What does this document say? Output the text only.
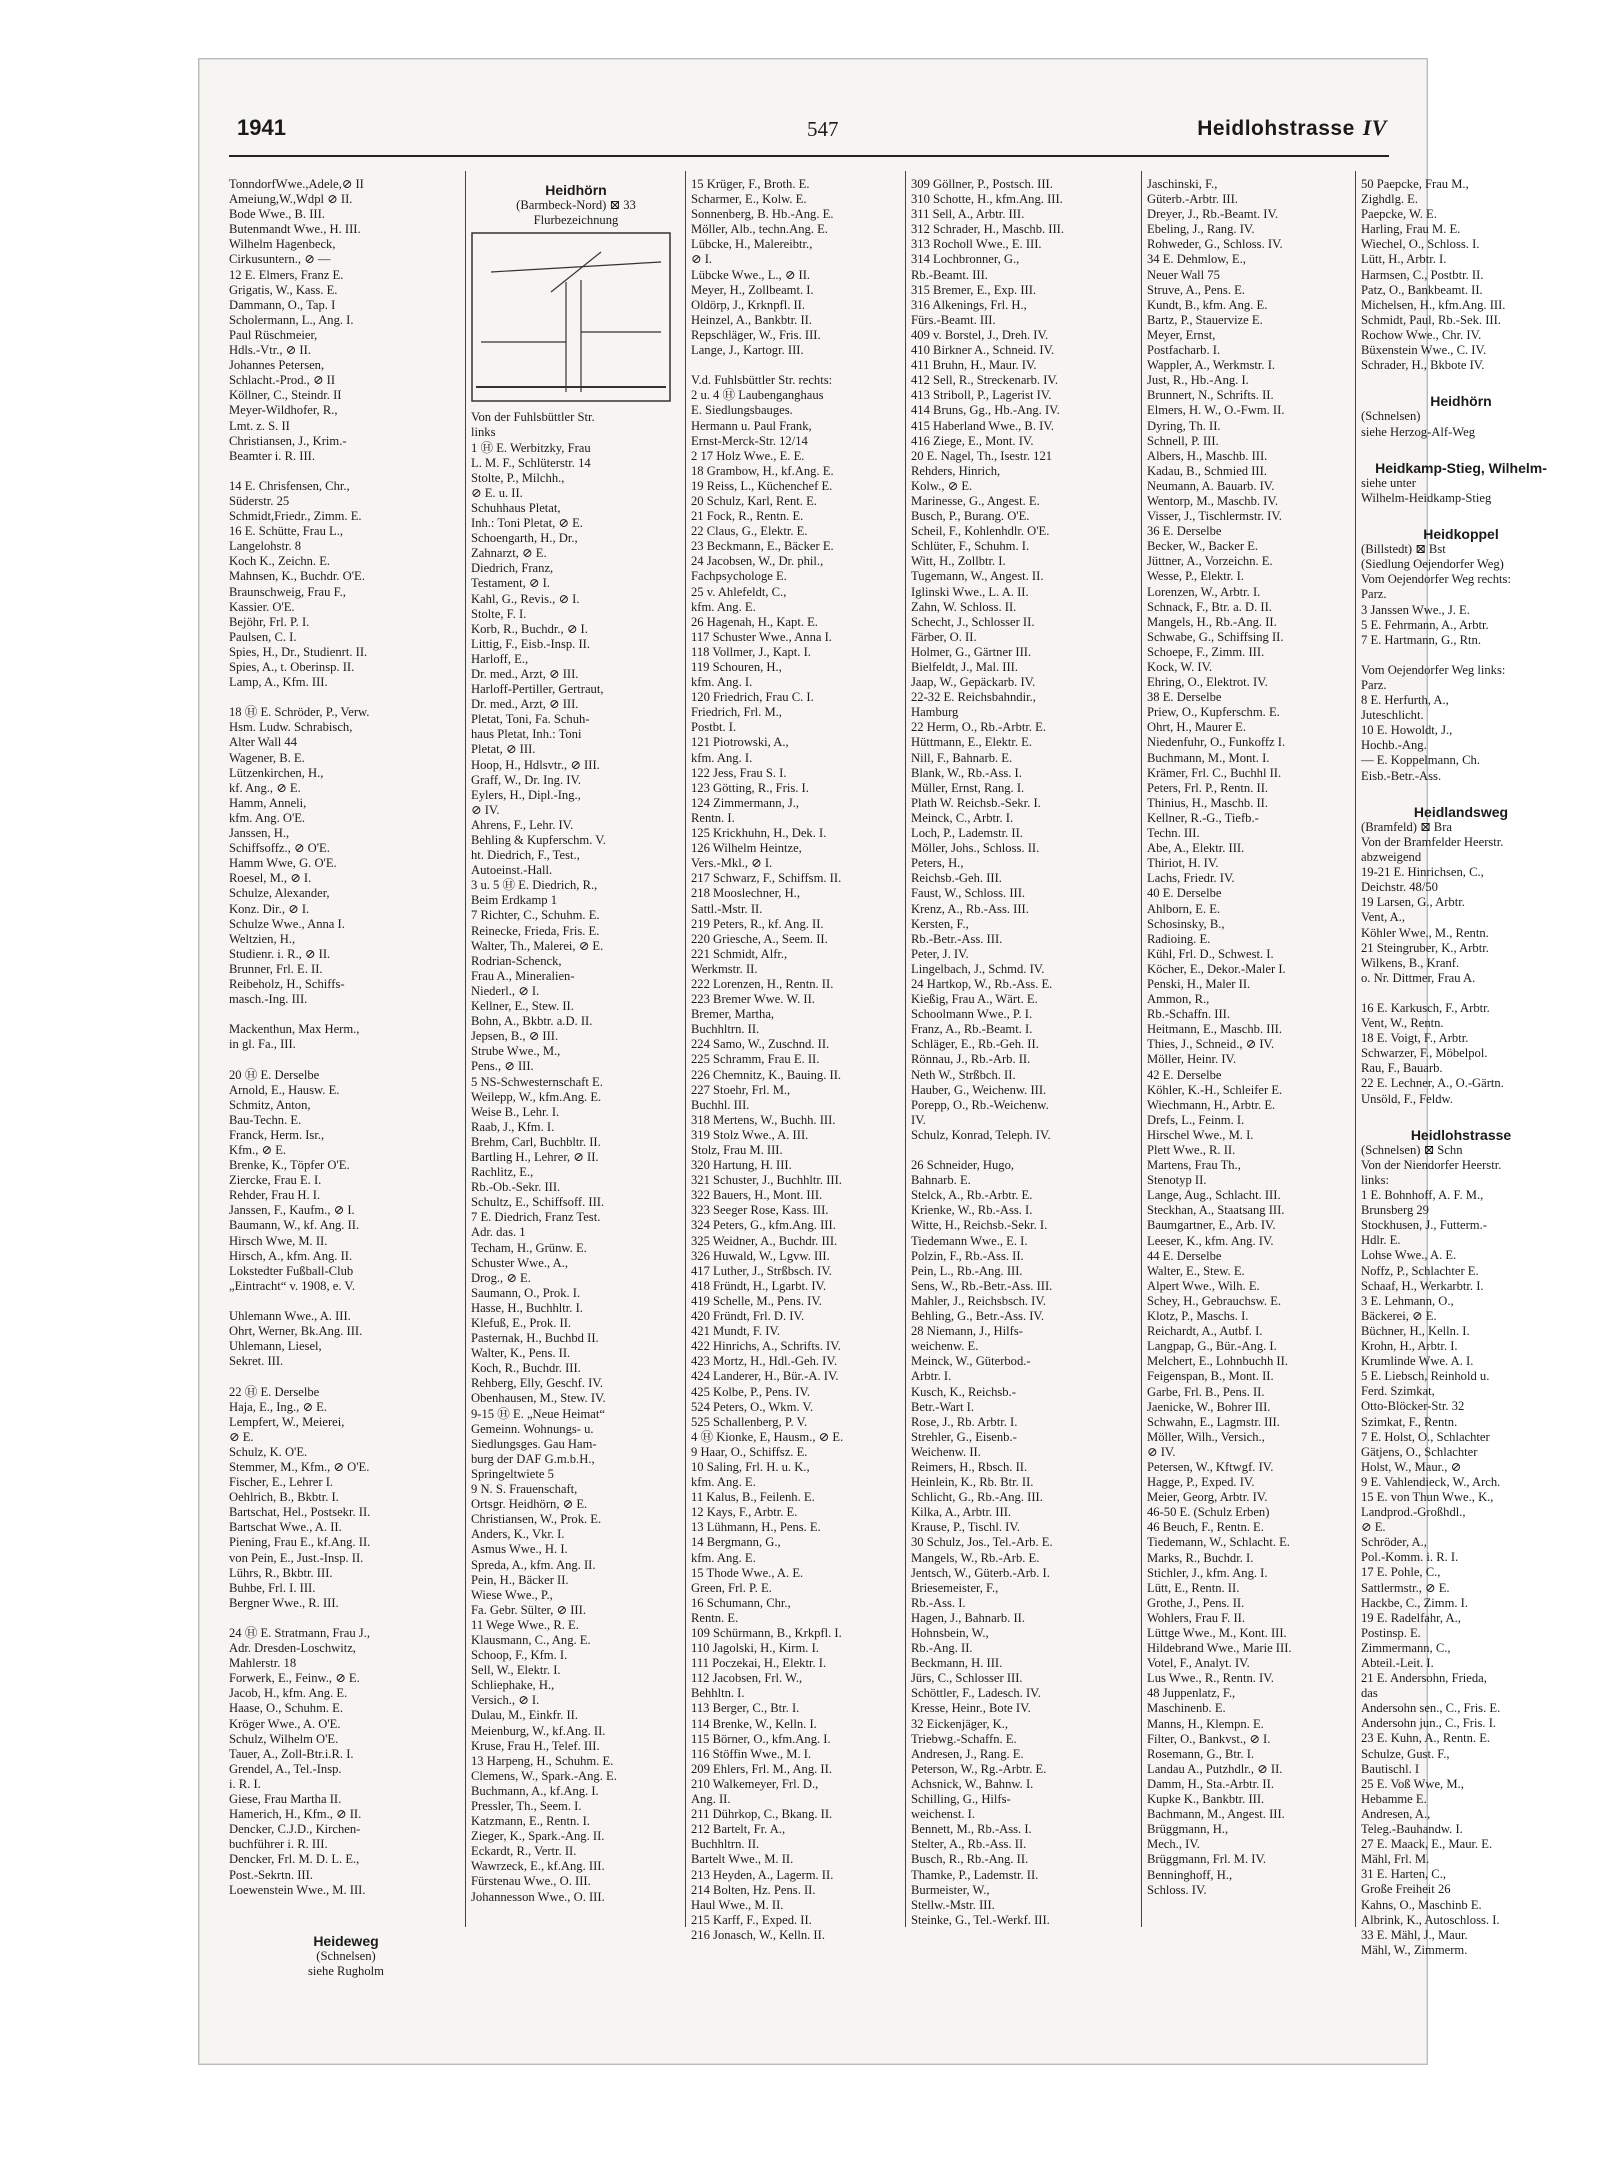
1941	547	Heidlohstrasse IV
TonndorfWwe.,Adele,⊘ II
Ameiung,W.,Wdpl ⊘ II.
Bode Wwe., B. III.
Butenmandt Wwe., H. III.
Wilhelm Hagenbeck,
Cirkusuntern., ⊘ —
12 E. Elmers, Franz E.
Grigatis, W., Kass. E.
Dammann, O., Tap. I
Scholermann, L., Ang. I.
Paul Rüschmeier,
Hdls.-Vtr., ⊘ II.
Johannes Petersen,
Schlacht.-Prod., ⊘ II
Köllner, C., Steindr. II
Meyer-Wildhofer, R.,
Lmt. z. S. II
Christiansen, J., Krim.-
Beamter i. R. III.

14 E. Chrisfensen, Chr.,
Süderstr. 25
Schmidt,Friedr., Zimm. E.
16 E. Schütte, Frau L.,
Langelohstr. 8
Koch K., Zeichn. E.
Mahnsen, K., Buchdr. O'E.
Braunschweig, Frau F.,
Kassier. O'E.
Bejöhr, Frl. P. I.
Paulsen, C. I.
Spies, H., Dr., Studienrt. II.
Spies, A., t. Oberinsp. II.
Lamp, A., Kfm. III.

18 Ⓗ E. Schröder, P., Verw.
Hsm. Ludw. Schrabisch,
Alter Wall 44
Wagener, B. E.
Lützenkirchen, H.,
kf. Ang., ⊘ E.
Hamm, Anneli,
kfm. Ang. O'E.
Janssen, H.,
Schiffsoffz., ⊘ O'E.
Hamm Wwe, G. O'E.
Roesel, M., ⊘ I.
Schulze, Alexander,
Konz. Dir., ⊘ I.
Schulze Wwe., Anna I.
Weltzien, H.,
Studienr. i. R., ⊘ II.
Brunner, Frl. E. II.
Reibeholz, H., Schiffs-
masch.-Ing. III.

Mackenthun, Max Herm.,
in gl. Fa., III.

20 Ⓗ E. Derselbe
Arnold, E., Hausw. E.
Schmitz, Anton,
Bau-Techn. E.
Franck, Herm. Isr.,
Kfm., ⊘ E.
Brenke, K., Töpfer O'E.
Ziercke, Frau E. I.
Rehder, Frau H. I.
Janssen, F., Kaufm., ⊘ I.
Baumann, W., kf. Ang. II.
Hirsch Wwe, M. II.
Hirsch, A., kfm. Ang. II.
Lokstedter Fußball-Club
„Eintracht“ v. 1908, e. V.

Uhlemann Wwe., A. III.
Ohrt, Werner, Bk.Ang. III.
Uhlemann, Liesel,
Sekret. III.

22 Ⓗ E. Derselbe
Haja, E., Ing., ⊘ E.
Lempfert, W., Meierei,
⊘ E.
Schulz, K. O'E.
Stemmer, M., Kfm., ⊘ O'E.
Fischer, E., Lehrer I.
Oehlrich, B., Bkbtr. I.
Bartschat, Hel., Postsekr. II.
Bartschat Wwe., A. II.
Piening, Frau E., kf.Ang. II.
von Pein, E., Just.-Insp. II.
Lührs, R., Bkbtr. III.
Buhbe, Frl. I. III.
Bergner Wwe., R. III.

24 Ⓗ E. Stratmann, Frau J.,
Adr. Dresden-Loschwitz,
Mahlerstr. 18
Forwerk, E., Feinw., ⊘ E.
Jacob, H., kfm. Ang. E.
Haase, O., Schuhm. E.
Kröger Wwe., A. O'E.
Schulz, Wilhelm O'E.
Tauer, A., Zoll-Btr.i.R. I.
Grendel, A., Tel.-Insp.
i. R. I.
Giese, Frau Martha II.
Hamerich, H., Kfm., ⊘ II.
Dencker, C.J.D., Kirchen-
buchführer i. R. III.
Dencker, Frl. M. D. L. E.,
Post.-Sekrtn. III.
Loewenstein Wwe., M. III.

Heideweg
(Schnelsen)
siehe Rugholm
Heidhörn
(Barmbeck-Nord) ⊠ 33
Flurbezeichnung
Von der Fuhlsbüttler Str.
links
1 Ⓗ E. Werbitzky, Frau
L. M. F., Schlüterstr. 14
Stolte, P., Milchh.,
⊘ E. u. II.
Schuhhaus Pletat,
Inh.: Toni Pletat, ⊘ E.
Schoengarth, H., Dr.,
Zahnarzt, ⊘ E.
Diedrich, Franz,
Testament, ⊘ I.
Kahl, G., Revis., ⊘ I.
Stolte, F. I.
Korb, R., Buchdr., ⊘ I.
Littig, F., Eisb.-Insp. II.
Harloff, E.,
Dr. med., Arzt, ⊘ III.
Harloff-Pertiller, Gertraut,
Dr. med., Arzt, ⊘ III.
Pletat, Toni, Fa. Schuh-
haus Pletat, Inh.: Toni
Pletat, ⊘ III.
Hoop, H., Hdlsvtr., ⊘ III.
Graff, W., Dr. Ing. IV.
Eylers, H., Dipl.-Ing.,
⊘ IV.
Ahrens, F., Lehr. IV.
Behling & Kupferschm. V.
ht. Diedrich, F., Test.,
Autoeinst.-Hall.
3 u. 5 Ⓗ E. Diedrich, R.,
Beim Erdkamp 1
7 Richter, C., Schuhm. E.
Reinecke, Frieda, Fris. E.
Walter, Th., Malerei, ⊘ E.
Rodrian-Schenck,
Frau A., Mineralien-
Niederl., ⊘ I.
Kellner, E., Stew. II.
Bohn, A., Bkbtr. a.D. II.
Jepsen, B., ⊘ III.
Strube Wwe., M.,
Pens., ⊘ III.
5 NS-Schwesternschaft E.
Weilepp, W., kfm.Ang. E.
Weise B., Lehr. I.
Raab, J., Kfm. I.
Brehm, Carl, Buchbltr. II.
Bartling H., Lehrer, ⊘ II.
Rachlitz, E.,
Rb.-Ob.-Sekr. III.
Schultz, E., Schiffsoff. III.
7 E. Diedrich, Franz Test.
Adr. das. 1
Techam, H., Grünw. E.
Schuster Wwe., A.,
Drog., ⊘ E.
Saumann, O., Prok. I.
Hasse, H., Buchhltr. I.
Klefuß, E., Prok. II.
Pasternak, H., Buchbd II.
Walter, K., Pens. II.
Koch, R., Buchdr. III.
Rehberg, Elly, Geschf. IV.
Obenhausen, M., Stew. IV.
9-15 Ⓗ E. „Neue Heimat“
Gemeinn. Wohnungs- u.
Siedlungsges. Gau Ham-
burg der DAF G.m.b.H.,
Springeltwiete 5
9 N. S. Frauenschaft,
Ortsgr. Heidhörn, ⊘ E.
Christiansen, W., Prok. E.
Anders, K., Vkr. I.
Asmus Wwe., H. I.
Spreda, A., kfm. Ang. II.
Pein, H., Bäcker II.
Wiese Wwe., P.,
Fa. Gebr. Sülter, ⊘ III.
11 Wege Wwe., R. E.
Klausmann, C., Ang. E.
Schoop, F., Kfm. I.
Sell, W., Elektr. I.
Schliephake, H.,
Versich., ⊘ I.
Dulau, M., Einkfr. II.
Meienburg, W., kf.Ang. II.
Kruse, Frau H., Telef. III.
13 Harpeng, H., Schuhm. E.
Clemens, W., Spark.-Ang. E.
Buchmann, A., kf.Ang. I.
Pressler, Th., Seem. I.
Katzmann, E., Rentn. I.
Zieger, K., Spark.-Ang. II.
Eckardt, R., Vertr. II.
Wawrzeck, E., kf.Ang. III.
Fürstenau Wwe., O. III.
Johannesson Wwe., O. III.
15 Krüger, F., Broth. E.
Scharmer, E., Kolw. E.
Sonnenberg, B. Hb.-Ang. E.
Möller, Alb., techn.Ang. E.
Lübcke, H., Malereibtr.,
⊘ I.
Lübcke Wwe., L., ⊘ II.
Meyer, H., Zollbeamt. I.
Oldörp, J., Krknpfl. II.
Heinzel, A., Bankbtr. II.
Repschläger, W., Fris. III.
Lange, J., Kartogr. III.

V.d. Fuhlsbüttler Str. rechts:
2 u. 4 Ⓗ Laubenganghaus
E. Siedlungsbauges.
Hermann u. Paul Frank,
Ernst-Merck-Str. 12/14
2 17 Holz Wwe., E. E.
18 Grambow, H., kf.Ang. E.
19 Reiss, L., Küchenchef E.
20 Schulz, Karl, Rent. E.
21 Fock, R., Rentn. E.
22 Claus, G., Elektr. E.
23 Beckmann, E., Bäcker E.
24 Jacobsen, W., Dr. phil.,
Fachpsychologe E.
25 v. Ahlefeldt, C.,
kfm. Ang. E.
26 Hagenah, H., Kapt. E.
117 Schuster Wwe., Anna I.
118 Vollmer, J., Kapt. I.
119 Schouren, H.,
kfm. Ang. I.
120 Friedrich, Frau C. I.
Friedrich, Frl. M.,
Postbt. I.
121 Piotrowski, A.,
kfm. Ang. I.
122 Jess, Frau S. I.
123 Götting, R., Fris. I.
124 Zimmermann, J.,
Rentn. I.
125 Krickhuhn, H., Dek. I.
126 Wilhelm Heintze,
Vers.-Mkl., ⊘ I.
217 Schwarz, F., Schiffsm. II.
218 Mooslechner, H.,
Sattl.-Mstr. II.
219 Peters, R., kf. Ang. II.
220 Griesche, A., Seem. II.
221 Schmidt, Alfr.,
Werkmstr. II.
222 Lorenzen, H., Rentn. II.
223 Bremer Wwe. W. II.
Bremer, Martha,
Buchhltrn. II.
224 Samo, W., Zuschnd. II.
225 Schramm, Frau E. II.
226 Chemnitz, K., Bauing. II.
227 Stoehr, Frl. M.,
Buchhl. III.
318 Mertens, W., Buchh. III.
319 Stolz Wwe., A. III.
Stolz, Frau M. III.
320 Hartung, H. III.
321 Schuster, J., Buchhltr. III.
322 Bauers, H., Mont. III.
323 Seeger Rose, Kass. III.
324 Peters, G., kfm.Ang. III.
325 Weidner, A., Buchdr. III.
326 Huwald, W., Lgvw. III.
417 Luther, J., Strßbsch. IV.
418 Fründt, H., Lgarbt. IV.
419 Schelle, M., Pens. IV.
420 Fründt, Frl. D. IV.
421 Mundt, F. IV.
422 Hinrichs, A., Schrifts. IV.
423 Mortz, H., Hdl.-Geh. IV.
424 Landerer, H., Bür.-A. IV.
425 Kolbe, P., Pens. IV.
524 Peters, O., Wkm. V.
525 Schallenberg, P. V.
4 Ⓗ Kionke, E, Hausm., ⊘ E.
9 Haar, O., Schiffsz. E.
10 Saling, Frl. H. u. K.,
kfm. Ang. E.
11 Kalus, B., Feilenh. E.
12 Kays, F., Arbtr. E.
13 Lühmann, H., Pens. E.
14 Bergmann, G.,
kfm. Ang. E.
15 Thode Wwe., A. E.
Green, Frl. P. E.
16 Schumann, Chr.,
Rentn. E.
109 Schürmann, B., Krkpfl. I.
110 Jagolski, H., Kirm. I.
111 Poczekai, H., Elektr. I.
112 Jacobsen, Frl. W.,
Behhltn. I.
113 Berger, C., Btr. I.
114 Brenke, W., Kelln. I.
115 Börner, O., kfm.Ang. I.
116 Stöffin Wwe., M. I.
209 Ehlers, Frl. M., Ang. II.
210 Walkemeyer, Frl. D.,
Ang. II.
211 Dührkop, C., Bkang. II.
212 Bartelt, Fr. A.,
Buchhltrn. II.
Bartelt Wwe., M. II.
213 Heyden, A., Lagerm. II.
214 Bolten, Hz. Pens. II.
Haul Wwe., M. II.
215 Karff, F., Exped. II.
216 Jonasch, W., Kelln. II.
309 Göllner, P., Postsch. III.
310 Schotte, H., kfm.Ang. III.
311 Sell, A., Arbtr. III.
312 Schrader, H., Maschb. III.
313 Rocholl Wwe., E. III.
314 Lochbronner, G.,
Rb.-Beamt. III.
315 Bremer, E., Exp. III.
316 Alkenings, Frl. H.,
Fürs.-Beamt. III.
409 v. Borstel, J., Dreh. IV.
410 Birkner A., Schneid. IV.
411 Bruhn, H., Maur. IV.
412 Sell, R., Streckenarb. IV.
413 Striboll, P., Lagerist IV.
414 Bruns, Gg., Hb.-Ang. IV.
415 Haberland Wwe., B. IV.
416 Ziege, E., Mont. IV.
20 E. Nagel, Th., Isestr. 121
Rehders, Hinrich,
Kolw., ⊘ E.
Marinesse, G., Angest. E.
Busch, P., Burang. O'E.
Scheil, F., Kohlenhdlr. O'E.
Schlüter, F., Schuhm. I.
Witt, H., Zollbtr. I.
Tugemann, W., Angest. II.
Iglinski Wwe., L. A. II.
Zahn, W. Schloss. II.
Schecht, J., Schlosser II.
Färber, O. II.
Holmer, G., Gärtner III.
Bielfeldt, J., Mal. III.
Jaap, W., Gepäckarb. IV.
22-32 E. Reichsbahndir.,
Hamburg
22 Herm, O., Rb.-Arbtr. E.
Hüttmann, E., Elektr. E.
Nill, F., Bahnarb. E.
Blank, W., Rb.-Ass. I.
Müller, Ernst, Rang. I.
Plath W. Reichsb.-Sekr. I.
Meinck, C., Arbtr. I.
Loch, P., Lademstr. II.
Möller, Johs., Schloss. II.
Peters, H.,
Reichsb.-Geh. III.
Faust, W., Schloss. III.
Krenz, A., Rb.-Ass. III.
Kersten, F.,
Rb.-Betr.-Ass. III.
Peter, J. IV.
Lingelbach, J., Schmd. IV.
24 Hartkop, W., Rb.-Ass. E.
Kießig, Frau A., Wärt. E.
Schoolmann Wwe., P. I.
Franz, A., Rb.-Beamt. I.
Schläger, E., Rb.-Geh. II.
Rönnau, J., Rb.-Arb. II.
Neth W., Strßbch. II.
Hauber, G., Weichenw. III.
Porepp, O., Rb.-Weichenw.
IV.
Schulz, Konrad, Teleph. IV.

26 Schneider, Hugo,
Bahnarb. E.
Stelck, A., Rb.-Arbtr. E.
Krienke, W., Rb.-Ass. I.
Witte, H., Reichsb.-Sekr. I.
Tiedemann Wwe., E. I.
Polzin, F., Rb.-Ass. II.
Pein, L., Rb.-Ang. III.
Sens, W., Rb.-Betr.-Ass. III.
Mahler, J., Reichsbsch. IV.
Behling, G., Betr.-Ass. IV.
28 Niemann, J., Hilfs-
weichenw. E.
Meinck, W., Güterbod.-
Arbtr. I.
Kusch, K., Reichsb.-
Betr.-Wart I.
Rose, J., Rb. Arbtr. I.
Strehler, G., Eisenb.-
Weichenw. II.
Reimers, H., Rbsch. II.
Heinlein, K., Rb. Btr. II.
Schlicht, G., Rb.-Ang. III.
Kilka, A., Arbtr. III.
Krause, P., Tischl. IV.
30 Schulz, Jos., Tel.-Arb. E.
Mangels, W., Rb.-Arb. E.
Jentsch, W., Güterb.-Arb. I.
Briesemeister, F.,
Rb.-Ass. I.
Hagen, J., Bahnarb. II.
Hohnsbein, W.,
Rb.-Ang. II.
Beckmann, H. III.
Jürs, C., Schlosser III.
Schöttler, F., Ladesch. IV.
Kresse, Heinr., Bote IV.
32 Eickenjäger, K.,
Triebwg.-Schaffn. E.
Andresen, J., Rang. E.
Peterson, W., Rg.-Arbtr. E.
Achsnick, W., Bahnw. I.
Schilling, G., Hilfs-
weichenst. I.
Bennett, M., Rb.-Ass. I.
Stelter, A., Rb.-Ass. II.
Busch, R., Rb.-Ang. II.
Thamke, P., Lademstr. II.
Burmeister, W.,
Stellw.-Mstr. III.
Steinke, G., Tel.-Werkf. III.
Jaschinski, F.,
Güterb.-Arbtr. III.
Dreyer, J., Rb.-Beamt. IV.
Ebeling, J., Rang. IV.
Rohweder, G., Schloss. IV.
34 E. Dehmlow, E.,
Neuer Wall 75
Struve, A., Pens. E.
Kundt, B., kfm. Ang. E.
Bartz, P., Stauervize E.
Meyer, Ernst,
Postfacharb. I.
Wappler, A., Werkmstr. I.
Just, R., Hb.-Ang. I.
Brunnert, N., Schrifts. II.
Elmers, H. W., O.-Fwm. II.
Dyring, Th. II.
Schnell, P. III.
Albers, H., Maschb. III.
Kadau, B., Schmied III.
Neumann, A. Bauarb. IV.
Wentorp, M., Maschb. IV.
Visser, J., Tischlermstr. IV.
36 E. Derselbe
Becker, W., Backer E.
Jüttner, A., Vorzeichn. E.
Wesse, P., Elektr. I.
Lorenzen, W., Arbtr. I.
Schnack, F., Btr. a. D. II.
Mangels, H., Rb.-Ang. II.
Schwabe, G., Schiffsing II.
Schoepe, F., Zimm. III.
Kock, W. IV.
Ehring, O., Elektrot. IV.
38 E. Derselbe
Priew, O., Kupferschm. E.
Ohrt, H., Maurer E.
Niedenfuhr, O., Funkoffz I.
Buchmann, M., Mont. I.
Krämer, Frl. C., Buchhl II.
Peters, Frl. P., Rentn. II.
Thinius, H., Maschb. II.
Kellner, R.-G., Tiefb.-
Techn. III.
Abe, A., Elektr. III.
Thiriot, H. IV.
Lachs, Friedr. IV.
40 E. Derselbe
Ahlborn, E. E.
Schosinsky, B.,
Radioing. E.
Kühl, Frl. D., Schwest. I.
Köcher, E., Dekor.-Maler I.
Penski, H., Maler II.
Ammon, R.,
Rb.-Schaffn. III.
Heitmann, E., Maschb. III.
Thies, J., Schneid., ⊘ IV.
Möller, Heinr. IV.
42 E. Derselbe
Köhler, K.-H., Schleifer E.
Wiechmann, H., Arbtr. E.
Drefs, L., Feinm. I.
Hirschel Wwe., M. I.
Plett Wwe., R. II.
Martens, Frau Th.,
Stenotyp II.
Lange, Aug., Schlacht. III.
Steckhan, A., Staatsang III.
Baumgartner, E., Arb. IV.
Leeser, K., kfm. Ang. IV.
44 E. Derselbe
Walter, E., Stew. E.
Alpert Wwe., Wilh. E.
Schey, H., Gebrauchsw. E.
Klotz, P., Maschs. I.
Reichardt, A., Autbf. I.
Langpap, G., Bür.-Ang. I.
Melchert, E., Lohnbuchh II.
Feigenspan, B., Mont. II.
Garbe, Frl. B., Pens. II.
Jaenicke, W., Bohrer III.
Schwahn, E., Lagmstr. III.
Möller, Wilh., Versich.,
⊘ IV.
Petersen, W., Kftwgf. IV.
Hagge, P., Exped. IV.
Meier, Georg, Arbtr. IV.
46-50 E. (Schulz Erben)
46 Beuch, F., Rentn. E.
Tiedemann, W., Schlacht. E.
Marks, R., Buchdr. I.
Stichler, J., kfm. Ang. I.
Lütt, E., Rentn. II.
Grothe, J., Pens. II.
Wohlers, Frau F. II.
Lüttge Wwe., M., Kont. III.
Hildebrand Wwe., Marie III.
Votel, F., Analyt. IV.
Lus Wwe., R., Rentn. IV.
48 Juppenlatz, F.,
Maschinenb. E.
Manns, H., Klempn. E.
Filter, O., Bankvst., ⊘ I.
Rosemann, G., Btr. I.
Landau A., Putzhdlr., ⊘ II.
Damm, H., Sta.-Arbtr. II.
Kupke K., Bankbtr. III.
Bachmann, M., Angest. III.
Brüggmann, H.,
Mech., IV.
Brüggmann, Frl. M. IV.
Benninghoff, H.,
Schloss. IV.
50 Paepcke, Frau M.,
Zighdlg. E.
Paepcke, W. E.
Harling, Frau M. E.
Wiechel, O., Schloss. I.
Lütt, H., Arbtr. I.
Harmsen, C., Postbtr. II.
Patz, O., Bankbeamt. II.
Michelsen, H., kfm.Ang. III.
Schmidt, Paul, Rb.-Sek. III.
Rochow Wwe., Chr. IV.
Büxenstein Wwe., C. IV.
Schrader, H., Bkbote IV.

Heidhörn
(Schnelsen)
siehe Herzog-Alf-Weg

Heidkamp-Stieg, Wilhelm-
siehe unter
Wilhelm-Heidkamp-Stieg

Heidkoppel
(Billstedt) ⊠ Bst
(Siedlung Oejendorfer Weg)
Vom Oejendorfer Weg rechts:
Parz.
3 Janssen Wwe., J. E.
5 E. Fehrmann, A., Arbtr.
7 E. Hartmann, G., Rtn.

Vom Oejendorfer Weg links:
Parz.
8 E. Herfurth, A.,
Juteschlicht.
10 E. Howoldt, J.,
Hochb.-Ang.
— E. Koppelmann, Ch.
Eisb.-Betr.-Ass.

Heidlandsweg
(Bramfeld) ⊠ Bra
Von der Bramfelder Heerstr.
abzweigend
19-21 E. Hinrichsen, C.,
Deichstr. 48/50
19 Larsen, G., Arbtr.
Vent, A.,
Köhler Wwe., M., Rentn.
21 Steingruber, K., Arbtr.
Wilkens, B., Kranf.
o. Nr. Dittmer, Frau A.

16 E. Karkusch, F., Arbtr.
Vent, W., Rentn.
18 E. Voigt, F., Arbtr.
Schwarzer, F., Möbelpol.
Rau, F., Bauarb.
22 E. Lechner, A., O.-Gärtn.
Unsöld, F., Feldw.

Heidlohstrasse
(Schnelsen) ⊠ Schn
Von der Niendorfer Heerstr.
links:
1 E. Bohnhoff, A. F. M.,
Brunsberg 29
Stockhusen, J., Futterm.-
Hdlr. E.
Lohse Wwe., A. E.
Noffz, P., Schlachter E.
Schaaf, H., Werkarbtr. I.
3 E. Lehmann, O.,
Bäckerei, ⊘ E.
Büchner, H., Kelln. I.
Krohn, H., Arbtr. I.
Krumlinde Wwe. A. I.
5 E. Liebsch, Reinhold u.
Ferd. Szimkat,
Otto-Blöcker-Str. 32
Szimkat, F., Rentn.
7 E. Holst, O., Schlachter
Gätjens, O., Schlachter
Holst, W., Maur., ⊘
9 E. Vahlendieck, W., Arch.
15 E. von Thun Wwe., K.,
Landprod.-Großhdl.,
⊘ E.
Schröder, A.,
Pol.-Komm. i. R. I.
17 E. Pohle, C.,
Sattlermstr., ⊘ E.
Hackbe, C., Zimm. I.
19 E. Radelfahr, A.,
Postinsp. E.
Zimmermann, C.,
Abteil.-Leit. I.
21 E. Andersohn, Frieda,
das
Andersohn sen., C., Fris. E.
Andersohn jun., C., Fris. I.
23 E. Kuhn, A., Rentn. E.
Schulze, Gust. F.,
Bautischl. I
25 E. Voß Wwe, M.,
Hebamme E.
Andresen, A.,
Teleg.-Bauhandw. I.
27 E. Maack, E., Maur. E.
Mähl, Frl. M.
31 E. Harten, C.,
Große Freiheit 26
Kahns, O., Maschinb E.
Albrink, K., Autoschloss. I.
33 E. Mähl, J., Maur.
Mähl, W., Zimmerm.
